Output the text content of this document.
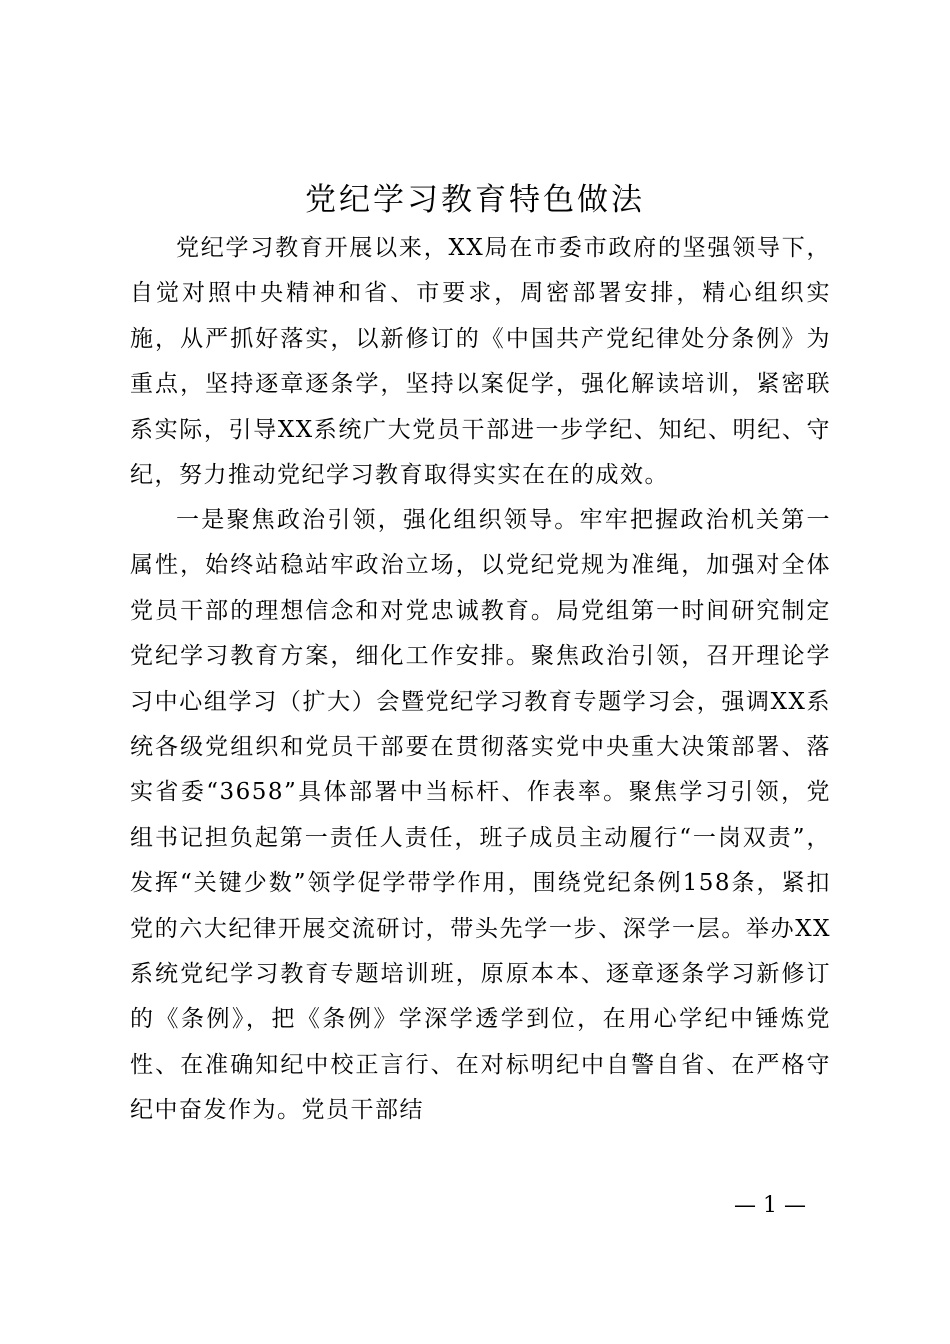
党纪学习教育特色做法

党纪学习教育开展以来，XX局在市委市政府的坚强领导下，自觉对照中央精神和省、市要求，周密部署安排，精心组织实施，从严抓好落实，以新修订的《中国共产党纪律处分条例》为重点，坚持逐章逐条学，坚持以案促学，强化解读培训，紧密联系实际，引导XX系统广大党员干部进一步学纪、知纪、明纪、守纪，努力推动党纪学习教育取得实实在在的成效。

一是聚焦政治引领，强化组织领导。牢牢把握政治机关第一属性，始终站稳站牢政治立场，以党纪党规为准绳，加强对全体党员干部的理想信念和对党忠诚教育。局党组第一时间研究制定党纪学习教育方案，细化工作安排。聚焦政治引领，召开理论学习中心组学习（扩大）会暨党纪学习教育专题学习会，强调XX系统各级党组织和党员干部要在贯彻落实党中央重大决策部署、落实省委“3658”具体部署中当标杆、作表率。聚焦学习引领，党组书记担负起第一责任人责任，班子成员主动履行“一岗双责”，发挥“关键少数”领学促学带学作用，围绕党纪条例158条，紧扣党的六大纪律开展交流研讨，带头先学一步、深学一层。举办XX系统党纪学习教育专题培训班，原原本本、逐章逐条学习新修订的《条例》，把《条例》学深学透学到位，在用心学纪中锤炼党性、在准确知纪中校正言行、在对标明纪中自警自省、在严格守纪中奋发作为。党员干部结

— 1 —
